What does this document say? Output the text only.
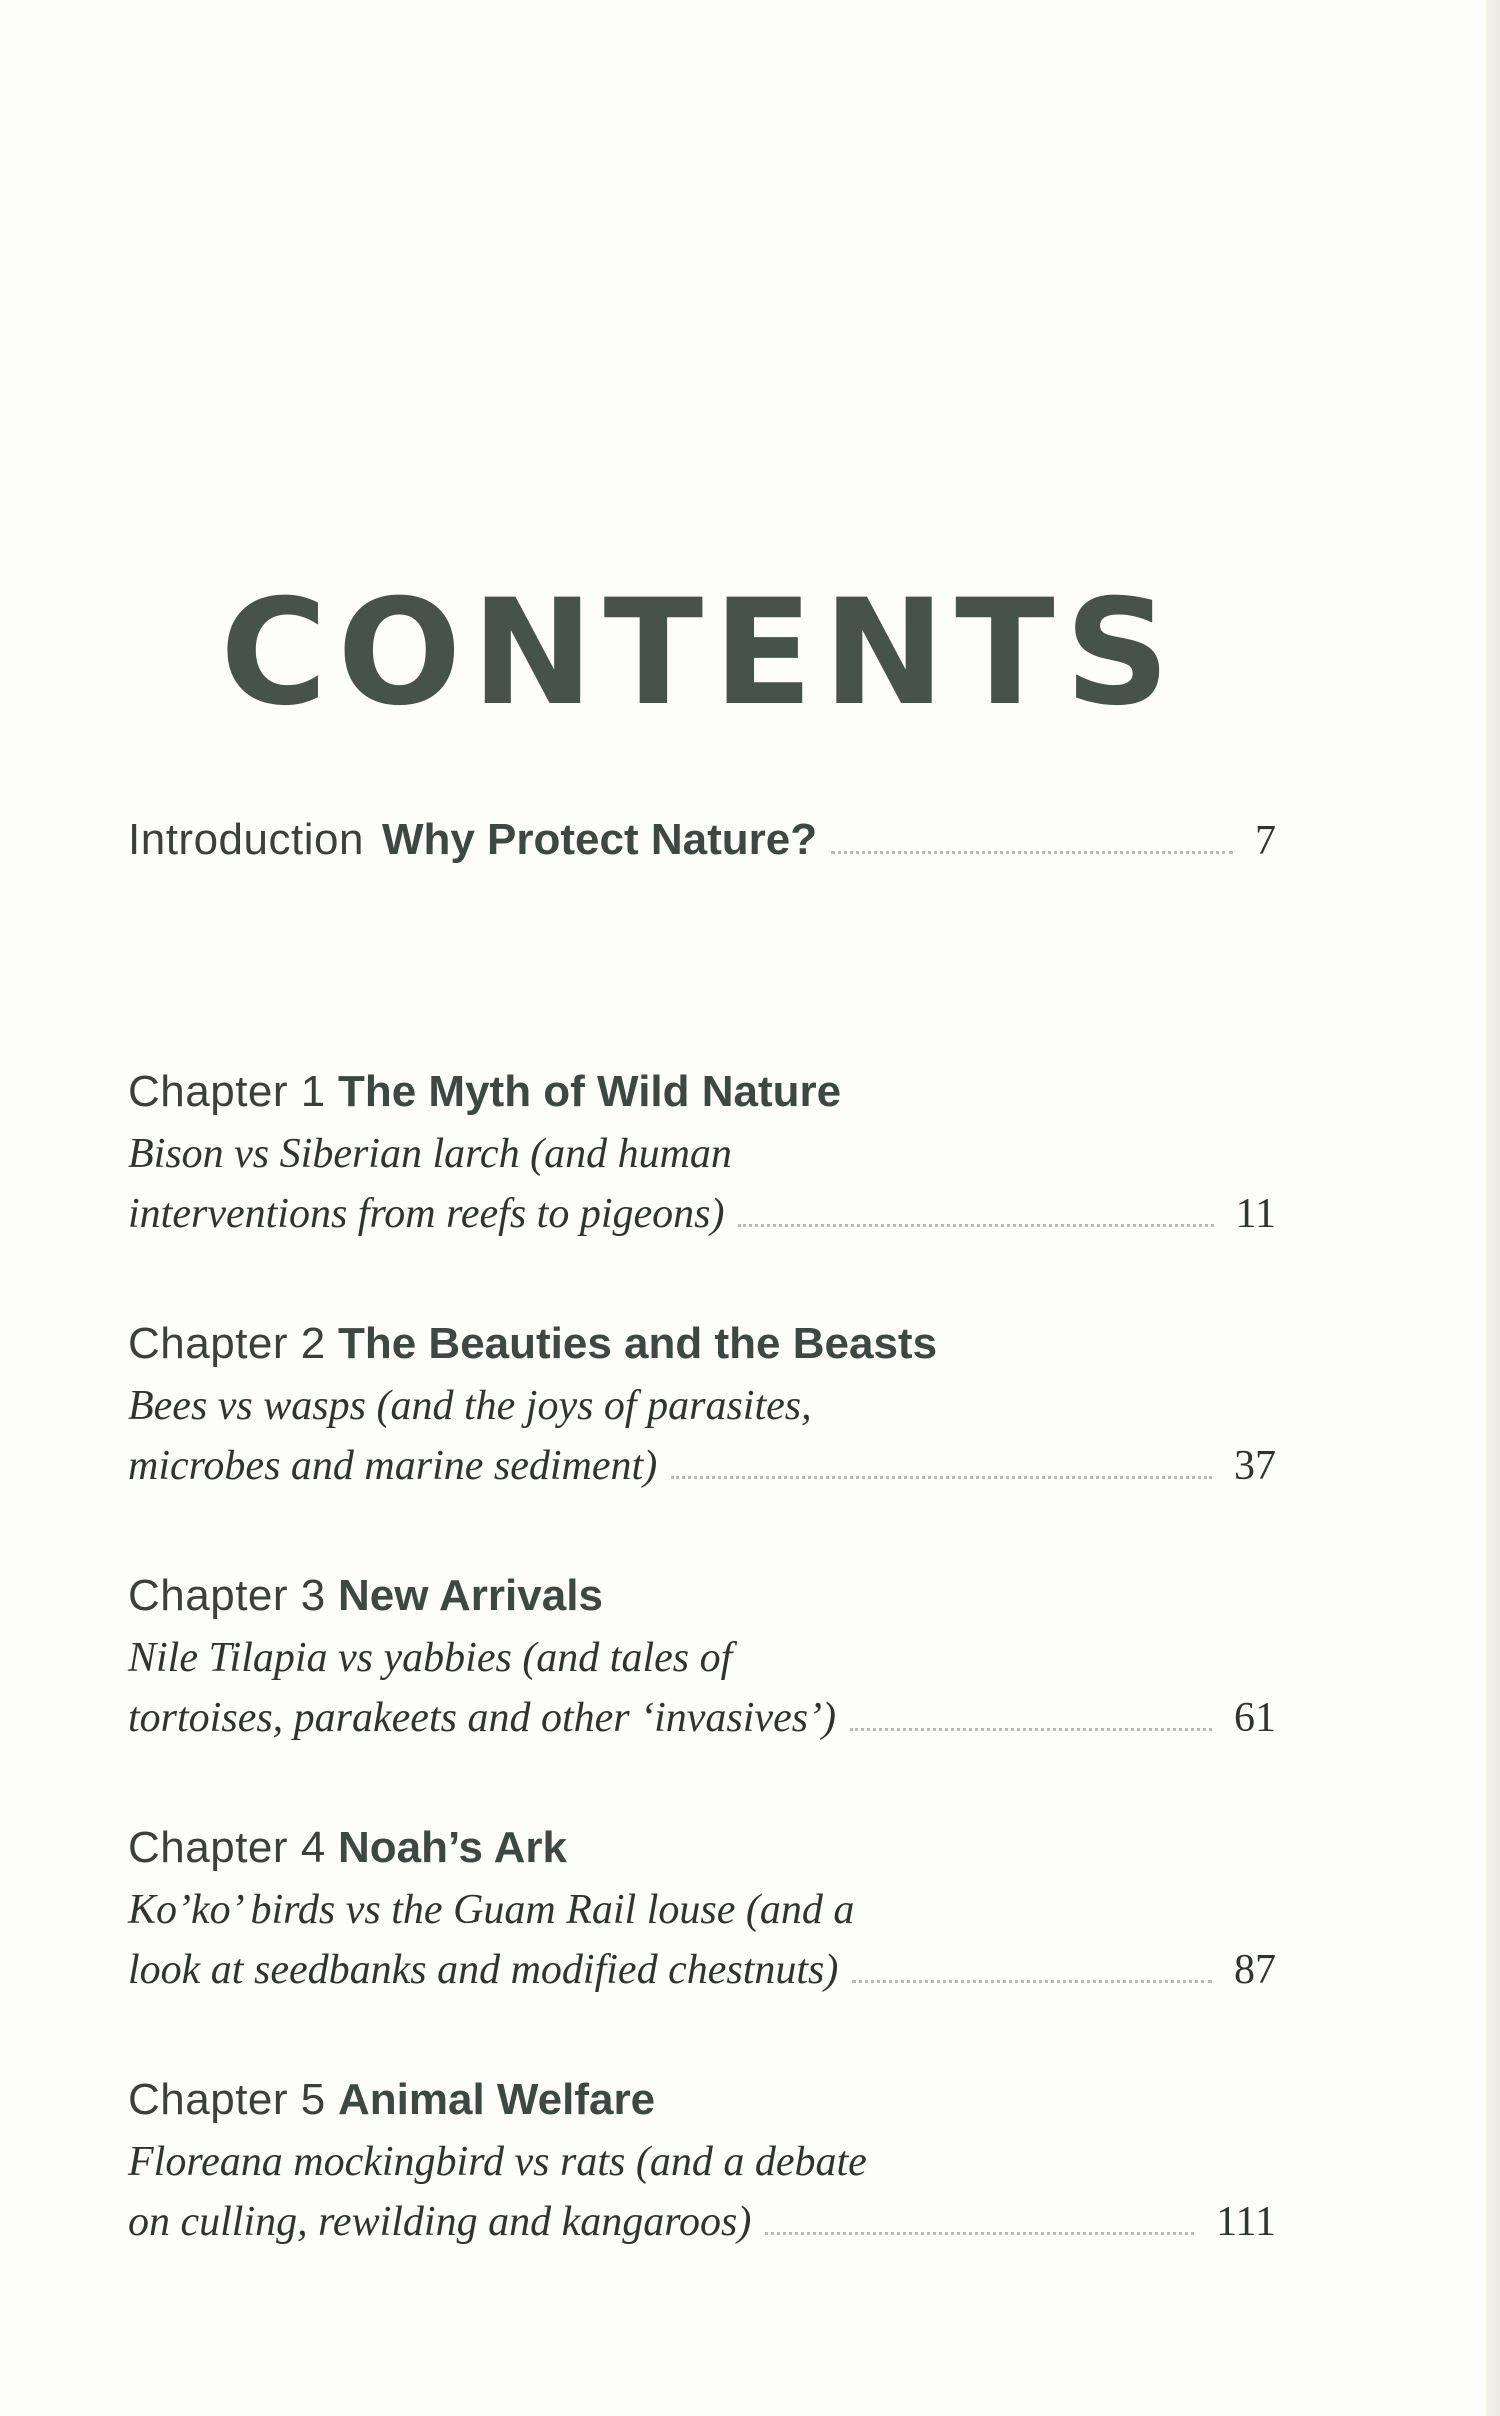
CONTENTS
Introduction Why Protect Nature?	7
Chapter 1 The Myth of Wild Nature
Bison vs Siberian larch (and human
interventions from reefs to pigeons)	11
Chapter 2 The Beauties and the Beasts
Bees vs wasps (and the joys of parasites,
microbes and marine sediment)	37
Chapter 3 New Arrivals
Nile Tilapia vs yabbies (and tales of
tortoises, parakeets and other ‘invasives’)	61
Chapter 4 Noah’s Ark
Ko’ko’ birds vs the Guam Rail louse (and a
look at seedbanks and modified chestnuts)	87
Chapter 5 Animal Welfare
Floreana mockingbird vs rats (and a debate
on culling, rewilding and kangaroos)	111
